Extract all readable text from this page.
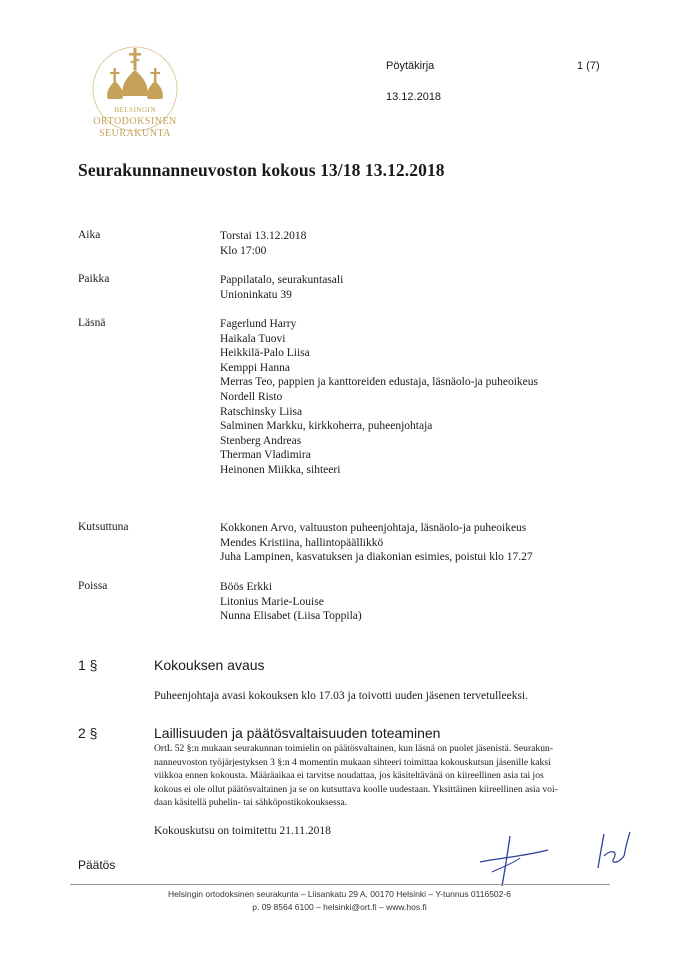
HELSINGIN
ORTODOKSINEN
SEURAKUNTA
Pöytäkirja	1 (7)
13.12.2018
Seurakunnanneuvoston kokous 13/18 13.12.2018
Aika	Torstai 13.12.2018
Klo 17:00
Paikka	Pappilatalo, seurakuntasali
Unioninkatu 39
Läsnä	Fagerlund Harry
Haikala Tuovi
Heikkilä-Palo Liisa
Kemppi Hanna
Merras Teo, pappien ja kanttoreiden edustaja, läsnäolo-ja puheoikeus
Nordell Risto
Ratschinsky Liisa
Salminen Markku, kirkkoherra, puheenjohtaja
Stenberg Andreas
Therman Vladimira
Heinonen Miikka, sihteeri
Kutsuttuna	Kokkonen Arvo, valtuuston puheenjohtaja, läsnäolo-ja puheoikeus
Mendes Kristiina, hallintopäällikkö
Juha Lampinen, kasvatuksen ja diakonian esimies, poistui klo 17.27
Poissa	Böös Erkki
Litonius Marie-Louise
Nunna Elisabet (Liisa Toppila)
1 §	Kokouksen avaus
Puheenjohtaja avasi kokouksen klo 17.03 ja toivotti uuden jäsenen tervetulleeksi.
2 §	Laillisuuden ja päätösvaltaisuuden toteaminen
OrtL 52 §:n mukaan seurakunnan toimielin on päätösvaltainen, kun läsnä on puolet jäsenistä. Seurakun-
nanneuvoston työjärjestyksen 3 §:n 4 momentin mukaan sihteeri toimittaa kokouskutsun jäsenille kaksi
viikkoa ennen kokousta. Määräaikaa ei tarvitse noudattaa, jos käsiteltävänä on kiireellinen asia tai jos
kokous ei ole ollut päätösvaltainen ja se on kutsuttava koolle uudestaan. Yksittäinen kiireellinen asia voi-
daan käsitellä puhelin- tai sähköpostikokouksessa.
Kokouskutsu on toimitettu 21.11.2018
Päätös
Helsingin ortodoksinen seurakunta – Liisankatu 29 A, 00170 Helsinki – Y-tunnus 0116502-6
p. 09 8564 6100 – helsinki@ort.fi – www.hos.fi
